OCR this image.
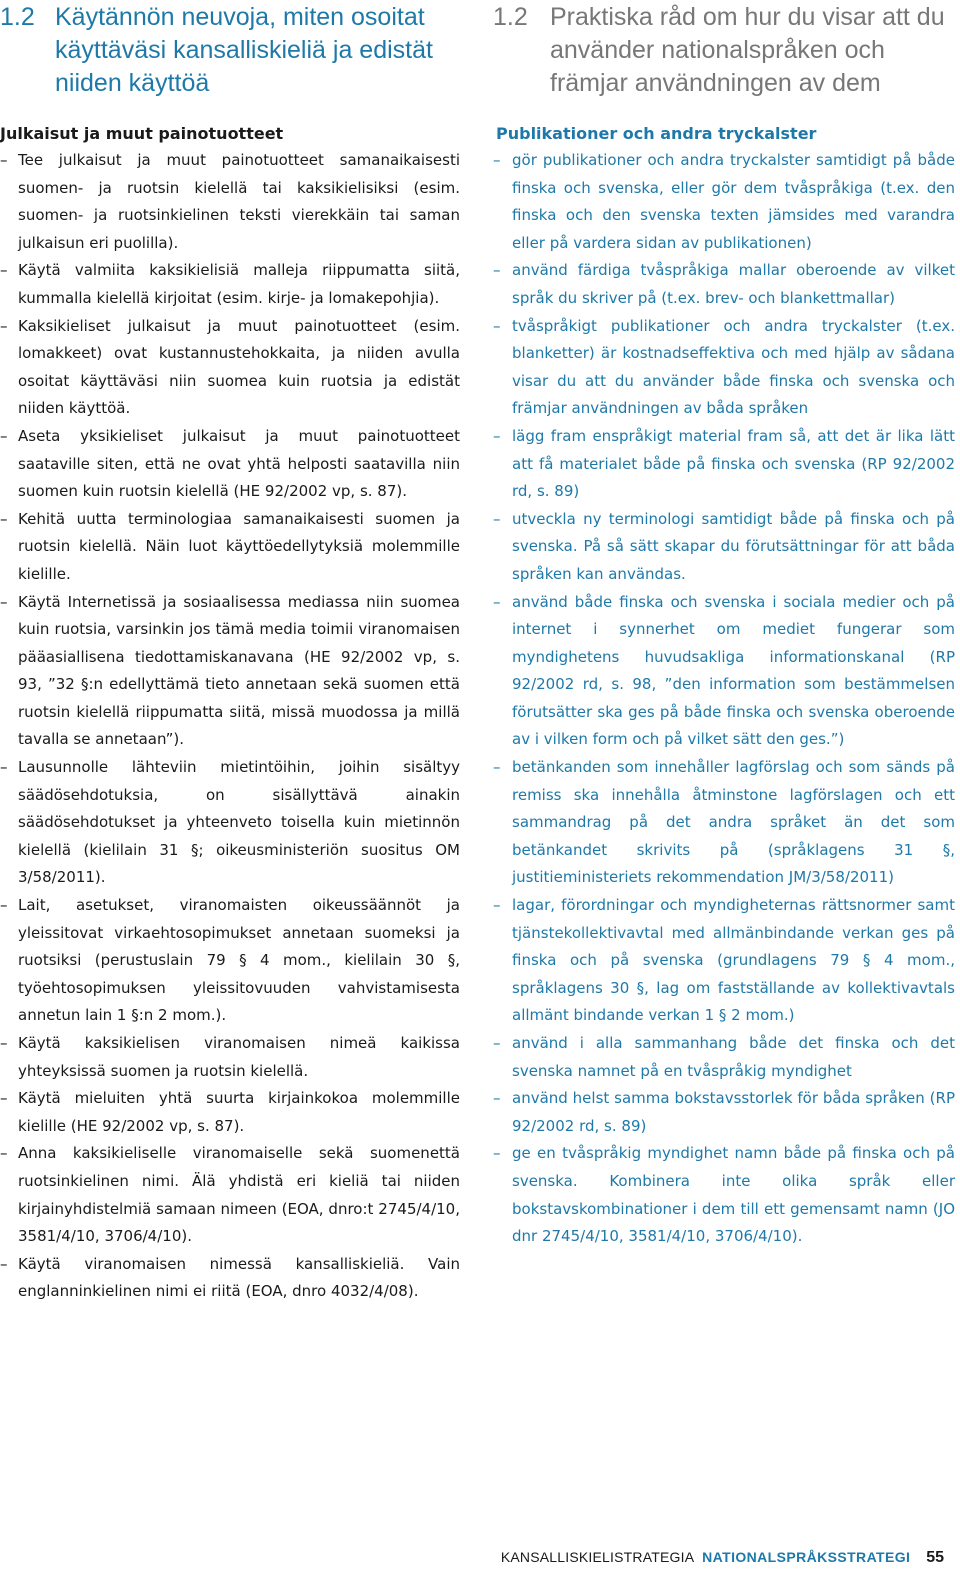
1.2 Käytännön neuvoja, miten osoitat käyttäväsi kansalliskieliä ja edistät niiden käyttöä
Julkaisut ja muut painotuotteet
–
Tee julkaisut ja muut painotuotteet samanaikaisesti suomen- ja ruotsin kielellä tai kaksikielisiksi (esim. suomen- ja ruotsinkielinen teksti vierekkäin tai saman julkaisun eri puolilla).
–
Käytä valmiita kaksikielisiä malleja riippumatta siitä, kummalla kielellä kirjoitat (esim. kirje- ja lomakepohjia).
–
Kaksikieliset julkaisut ja muut painotuotteet (esim. lomakkeet) ovat kustannustehokkaita, ja niiden avulla osoitat käyttäväsi niin suomea kuin ruotsia ja edistät niiden käyttöä.
–
Aseta yksikieliset julkaisut ja muut painotuotteet saataville siten, että ne ovat yhtä helposti saatavilla niin suomen kuin ruotsin kielellä (HE 92/2002 vp, s. 87).
–
Kehitä uutta terminologiaa samanaikaisesti suomen ja ruotsin kielellä. Näin luot käyttöedellytyksiä molemmille kielille.
–
Käytä Internetissä ja sosiaalisessa mediassa niin suomea kuin ruotsia, varsinkin jos tämä media toimii viranomaisen pääasiallisena tiedottamiskanavana (HE 92/2002 vp, s. 93, ”32 §:n edellyttämä tieto annetaan sekä suomen että ruotsin kielellä riippumatta siitä, missä muodossa ja millä tavalla se annetaan”).
–
Lausunnolle lähteviin mietintöihin, joihin sisältyy säädösehdotuksia, on sisällyttävä ainakin säädösehdotukset ja yhteenveto toisella kuin mietinnön kielellä (kielilain 31 §; oikeusministeriön suositus OM 3/58/2011).
–
Lait, asetukset, viranomaisten oikeussäännöt ja yleissitovat virkaehtosopimukset annetaan suomeksi ja ruotsiksi (perustuslain 79 § 4 mom., kielilain 30 §, työehtosopimuksen yleissitovuuden vahvistamisesta annetun lain 1 §:n 2 mom.).
–
Käytä kaksikielisen viranomaisen nimeä kaikissa yhteyksissä suomen ja ruotsin kielellä.
–
Käytä mieluiten yhtä suurta kirjainkokoa molemmille kielille (HE 92/2002 vp, s. 87).
–
Anna kaksikieliselle viranomaiselle sekä suomenettä ruotsinkielinen nimi. Älä yhdistä eri kieliä tai niiden kirjainyhdistelmiä samaan nimeen (EOA, dnro:t 2745/4/10, 3581/4/10, 3706/4/10).
–
Käytä viranomaisen nimessä kansalliskieliä. Vain englanninkielinen nimi ei riitä (EOA, dnro 4032/4/08).
1.2 Praktiska råd om hur du visar att du använder nationalspråken och främjar användningen av dem
Publikationer och andra tryckalster
–
gör publikationer och andra tryckalster samtidigt på både finska och svenska, eller gör dem tvåspråkiga (t.ex. den finska och den svenska texten jämsides med varandra eller på vardera sidan av publikationen)
–
använd färdiga tvåspråkiga mallar oberoende av vilket språk du skriver på (t.ex. brev- och blankettmallar)
–
tvåspråkigt publikationer och andra tryckalster (t.ex. blanketter) är kostnadseffektiva och med hjälp av sådana visar du att du använder både finska och svenska och främjar användningen av båda språken
–
lägg fram enspråkigt material fram så, att det är lika lätt att få materialet både på finska och svenska (RP 92/2002 rd, s. 89)
–
utveckla ny terminologi samtidigt både på finska och på svenska. På så sätt skapar du förutsättningar för att båda språken kan användas.
–
använd både finska och svenska i sociala medier och på internet i synnerhet om mediet fungerar som myndighetens huvudsakliga informationskanal (RP 92/2002 rd, s. 98, ”den information som bestämmelsen förutsätter ska ges på både finska och svenska oberoende av i vilken form och på vilket sätt den ges.”)
–
betänkanden som innehåller lagförslag och som sänds på remiss ska innehålla åtminstone lagförslagen och ett sammandrag på det andra språket än det som betänkandet skrivits på (språklagens 31 §, justitieministeriets rekommendation JM/3/58/2011)
–
lagar, förordningar och myndigheternas rättsnormer samt tjänstekollektivavtal med allmänbindande verkan ges på finska och på svenska (grundlagens 79 § 4 mom., språklagens 30 §, lag om fastställande av kollektivavtals allmänt bindande verkan 1 § 2 mom.)
–
använd i alla sammanhang både det finska och det svenska namnet på en tvåspråkig myndighet
–
använd helst samma bokstavsstorlek för båda språken (RP 92/2002 rd, s. 89)
–
ge en tvåspråkig myndighet namn både på finska och på svenska. Kombinera inte olika språk eller bokstavskombinationer i dem till ett gemensamt namn (JO dnr 2745/4/10, 3581/4/10, 3706/4/10).
KANSALLISKIELISTRATEGIA NATIONALSPRÅKSSTRATEGI 55
